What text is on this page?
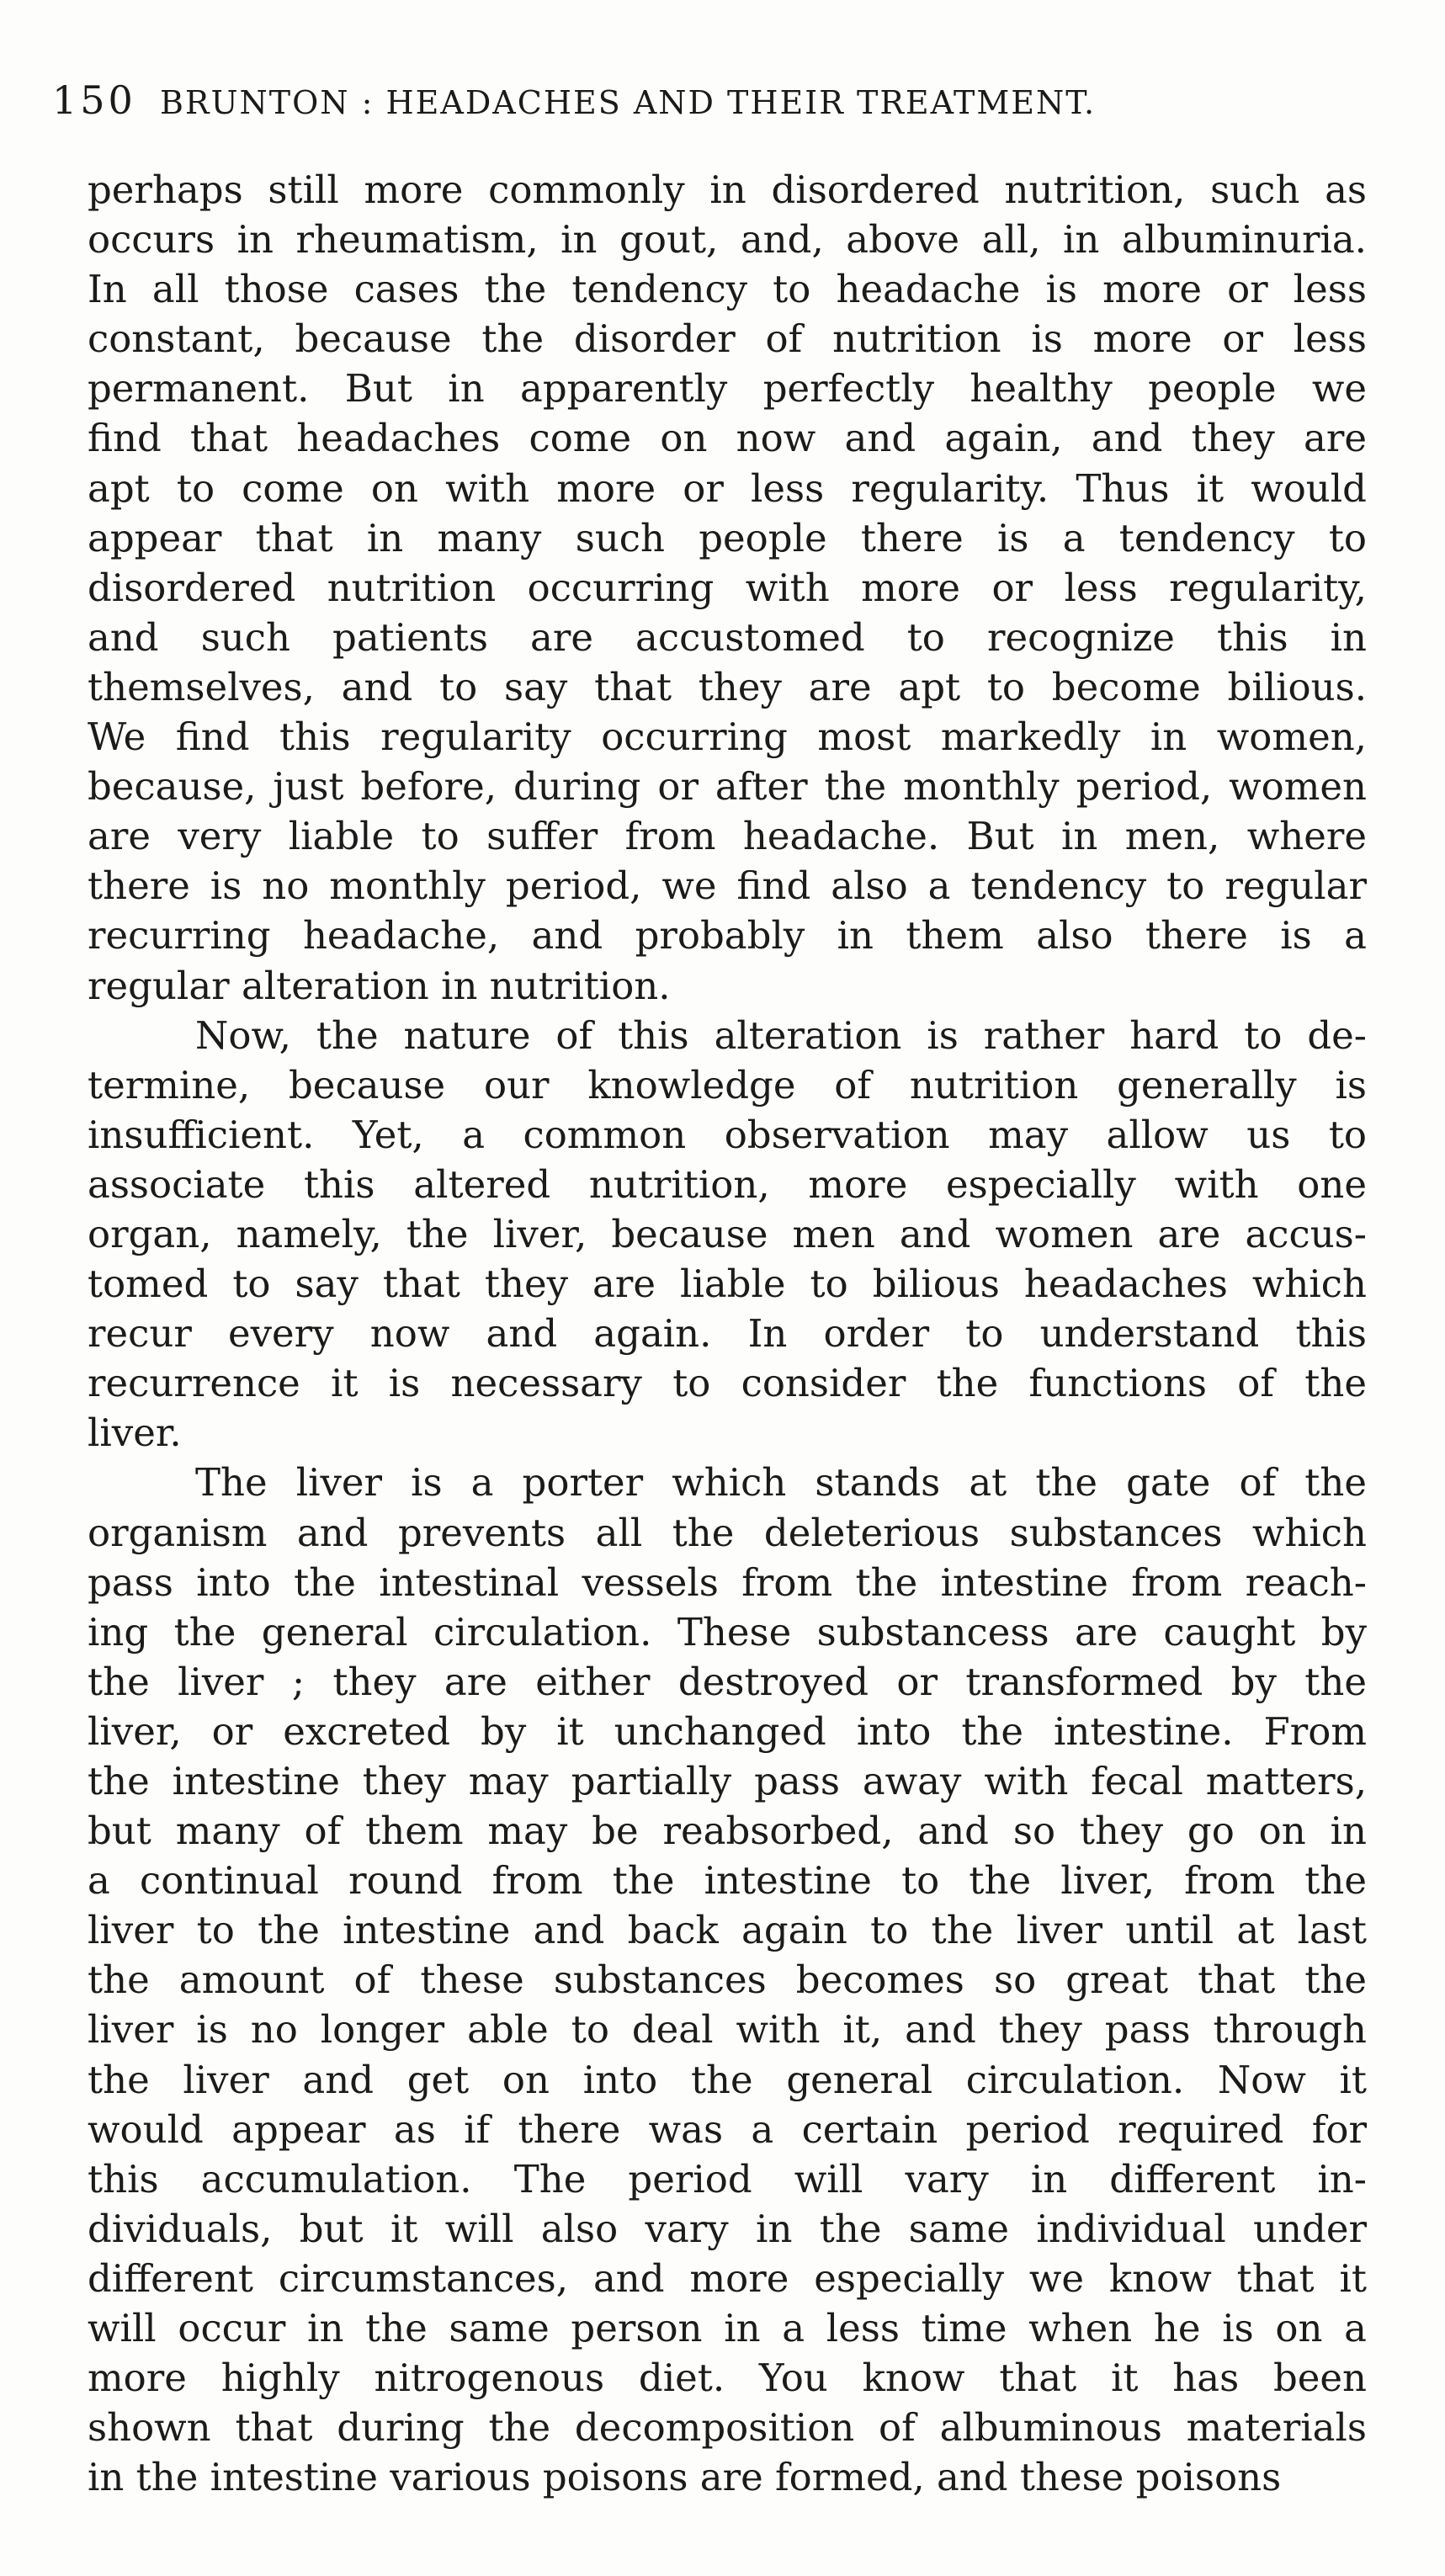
150 BRUNTON : HEADACHES AND THEIR TREATMENT.
perhaps still more commonly in disordered nutrition, such as
occurs in rheumatism, in gout, and, above all, in albuminuria.
In all those cases the tendency to headache is more or less
constant, because the disorder of nutrition is more or less
permanent. But in apparently perfectly healthy people we
find that headaches come on now and again, and they are
apt to come on with more or less regularity. Thus it would
appear that in many such people there is a tendency to
disordered nutrition occurring with more or less regularity,
and such patients are accustomed to recognize this in
themselves, and to say that they are apt to become bilious.
We find this regularity occurring most markedly in women,
because, just before, during or after the monthly period, women
are very liable to suffer from headache. But in men, where
there is no monthly period, we find also a tendency to regular
recurring headache, and probably in them also there is a
regular alteration in nutrition.
Now, the nature of this alteration is rather hard to de-
termine, because our knowledge of nutrition generally is
insufficient. Yet, a common observation may allow us to
associate this altered nutrition, more especially with one
organ, namely, the liver, because men and women are accus-
tomed to say that they are liable to bilious headaches which
recur every now and again. In order to understand this
recurrence it is necessary to consider the functions of the
liver.
The liver is a porter which stands at the gate of the
organism and prevents all the deleterious substances which
pass into the intestinal vessels from the intestine from reach-
ing the general circulation. These substancess are caught by
the liver ; they are either destroyed or transformed by the
liver, or excreted by it unchanged into the intestine. From
the intestine they may partially pass away with fecal matters,
but many of them may be reabsorbed, and so they go on in
a continual round from the intestine to the liver, from the
liver to the intestine and back again to the liver until at last
the amount of these substances becomes so great that the
liver is no longer able to deal with it, and they pass through
the liver and get on into the general circulation. Now it
would appear as if there was a certain period required for
this accumulation. The period will vary in different in-
dividuals, but it will also vary in the same individual under
different circumstances, and more especially we know that it
will occur in the same person in a less time when he is on a
more highly nitrogenous diet. You know that it has been
shown that during the decomposition of albuminous materials
in the intestine various poisons are formed, and these poisons
